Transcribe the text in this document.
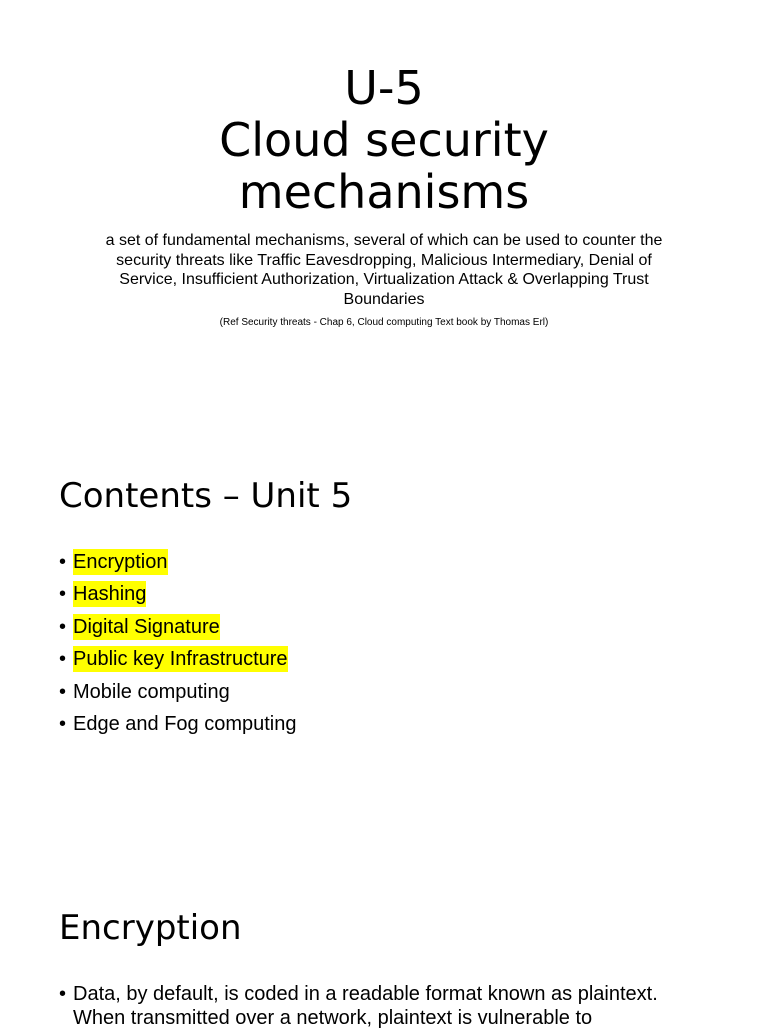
U-5
Cloud security
mechanisms
a set of fundamental mechanisms, several of which can be used to counter the security threats like Traffic Eavesdropping, Malicious Intermediary, Denial of Service, Insufficient Authorization, Virtualization Attack & Overlapping Trust Boundaries
(Ref Security threats - Chap 6, Cloud computing Text book by Thomas Erl)
Contents – Unit 5
• Encryption
• Hashing
• Digital Signature
• Public key Infrastructure
• Mobile computing
• Edge and Fog computing
Encryption
• Data, by default, is coded in a readable format known as plaintext. When transmitted over a network, plaintext is vulnerable to
